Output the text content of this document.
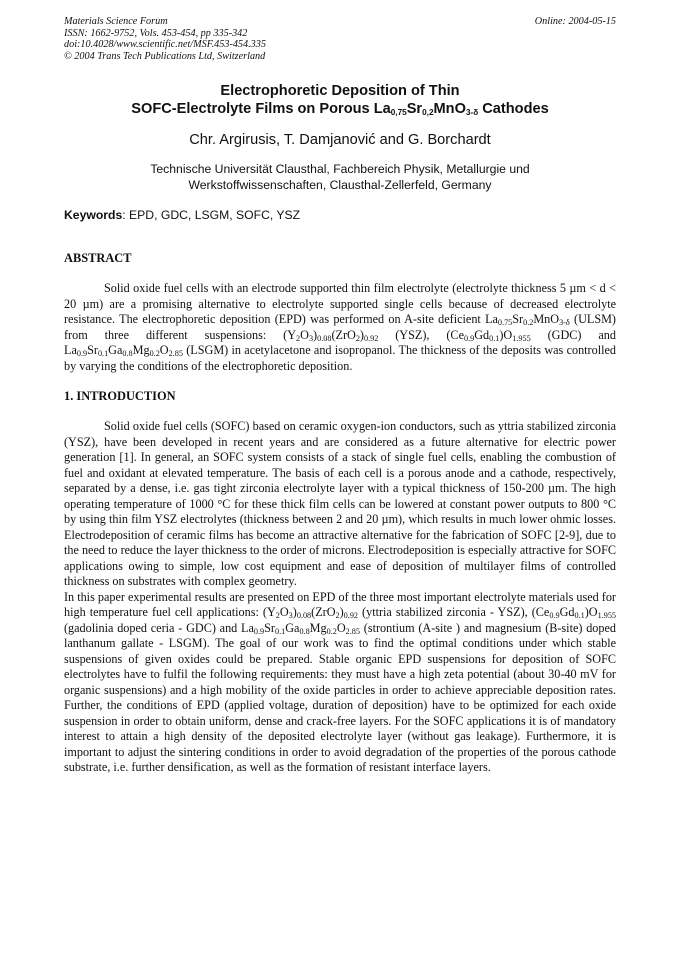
Materials Science Forum
ISSN: 1662-9752, Vols. 453-454, pp 335-342
doi:10.4028/www.scientific.net/MSF.453-454.335
© 2004 Trans Tech Publications Ltd, Switzerland
Online: 2004-05-15
Electrophoretic Deposition of Thin
SOFC-Electrolyte Films on Porous $La_{0,75}Sr_{0,2}MnO_{3-\delta}$ Cathodes
Chr. Argirusis, T. Damjanović and G. Borchardt
Technische Universität Clausthal, Fachbereich Physik, Metallurgie und
Werkstoffwissenschaften, Clausthal-Zellerfeld, Germany
Keywords: EPD, GDC, LSGM, SOFC, YSZ
ABSTRACT

Solid oxide fuel cells with an electrode supported thin film electrolyte (electrolyte thickness 5 µm < d < 20 µm) are a promising alternative to electrolyte supported single cells because of decreased electrolyte resistance. The electrophoretic deposition (EPD) was performed on A-site deficient $La_{0.75}Sr_{0.2}MnO_{3-\delta}$ (ULSM) from three different suspensions: $(Y_2O_3)_{0.08}(ZrO_2)_{0.92}$ (YSZ), $(Ce_{0.9}Gd_{0.1})O_{1.955}$ (GDC) and $La_{0.9}Sr_{0.1}Ga_{0.8}Mg_{0.2}O_{2.85}$ (LSGM) in acetylacetone and isopropanol. The thickness of the deposits was controlled by varying the conditions of the electrophoretic deposition.

1. INTRODUCTION

Solid oxide fuel cells (SOFC) based on ceramic oxygen-ion conductors, such as yttria stabilized zirconia (YSZ), have been developed in recent years and are considered as a future alternative for electric power generation [1]. In general, an SOFC system consists of a stack of single fuel cells, enabling the combustion of fuel and oxidant at elevated temperature. The basis of each cell is a porous anode and a cathode, respectively, separated by a dense, i.e. gas tight zirconia electrolyte layer with a typical thickness of 150-200 µm. The high operating temperature of 1000 °C for these thick film cells can be lowered at constant power outputs to 800 °C by using thin film YSZ electrolytes (thickness between 2 and 20 µm), which results in much lower ohmic losses. Electrodeposition of ceramic films has become an attractive alternative for the fabrication of SOFC [2-9], due to the need to reduce the layer thickness to the order of microns. Electrodeposition is especially attractive for SOFC applications owing to simple, low cost equipment and ease of deposition of multilayer films of controlled thickness on substrates with complex geometry.

In this paper experimental results are presented on EPD of the three most important electrolyte materials used for high temperature fuel cell applications: $(Y_2O_3)_{0.08}(ZrO_2)_{0.92}$ (yttria stabilized zirconia - YSZ), $(Ce_{0.9}Gd_{0.1})O_{1.955}$ (gadolinia doped ceria - GDC) and $La_{0.9}Sr_{0.1}Ga_{0.8}Mg_{0.2}O_{2.85}$ (strontium (A-site ) and magnesium (B-site) doped lanthanum gallate - LSGM). The goal of our work was to find the optimal conditions under which stable suspensions of given oxides could be prepared. Stable organic EPD suspensions for deposition of SOFC electrolytes have to fulfil the following requirements: they must have a high zeta potential (about 30-40 mV for organic suspensions) and a high mobility of the oxide particles in order to achieve appreciable deposition rates. Further, the conditions of EPD (applied voltage, duration of deposition) have to be optimized for each oxide suspension in order to obtain uniform, dense and crack-free layers. For the SOFC applications it is of mandatory interest to attain a high density of the deposited electrolyte layer (without gas leakage). Furthermore, it is important to adjust the sintering conditions in order to avoid degradation of the properties of the porous cathode substrate, i.e. further densification, as well as the formation of resistant interface layers.
